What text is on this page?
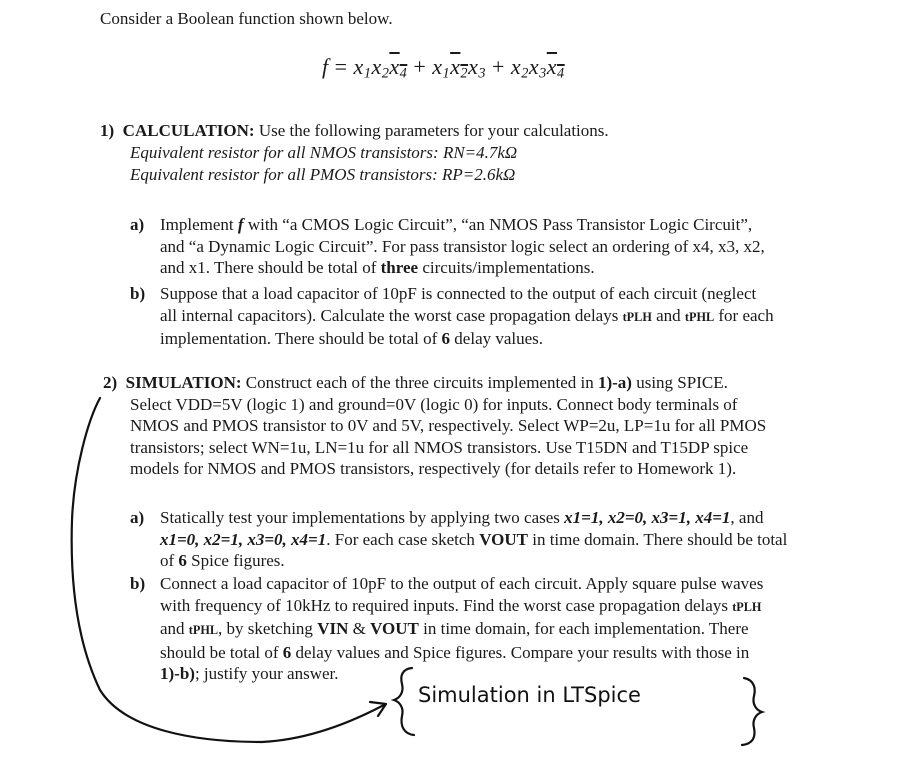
Consider a Boolean function shown below.
$f = x_1x_2x_4 + x_1x_2x_3 + x_2x_3x_4$
1) CALCULATION: Use the following parameters for your calculations.
Equivalent resistor for all NMOS transistors: RN=4.7kΩ
Equivalent resistor for all PMOS transistors: RP=2.6kΩ
a) Implement f with “a CMOS Logic Circuit”, “an NMOS Pass Transistor Logic Circuit”,
and “a Dynamic Logic Circuit”. For pass transistor logic select an ordering of x4, x3, x2,
and x1. There should be total of three circuits/implementations.
b) Suppose that a load capacitor of 10pF is connected to the output of each circuit (neglect
all internal capacitors). Calculate the worst case propagation delays tPLH and tPHL for each
implementation. There should be total of 6 delay values.
2) SIMULATION: Construct each of the three circuits implemented in 1)-a) using SPICE.
Select VDD=5V (logic 1) and ground=0V (logic 0) for inputs. Connect body terminals of
NMOS and PMOS transistor to 0V and 5V, respectively. Select WP=2u, LP=1u for all PMOS
transistors; select WN=1u, LN=1u for all NMOS transistors. Use T15DN and T15DP spice
models for NMOS and PMOS transistors, respectively (for details refer to Homework 1).
a) Statically test your implementations by applying two cases x1=1, x2=0, x3=1, x4=1, and
x1=0, x2=1, x3=0, x4=1. For each case sketch VOUT in time domain. There should be total
of 6 Spice figures.
b) Connect a load capacitor of 10pF to the output of each circuit. Apply square pulse waves
with frequency of 10kHz to required inputs. Find the worst case propagation delays tPLH
and tPHL, by sketching VIN & VOUT in time domain, for each implementation. There
should be total of 6 delay values and Spice figures. Compare your results with those in
1)-b); justify your answer.
Simulation in LTSpice
